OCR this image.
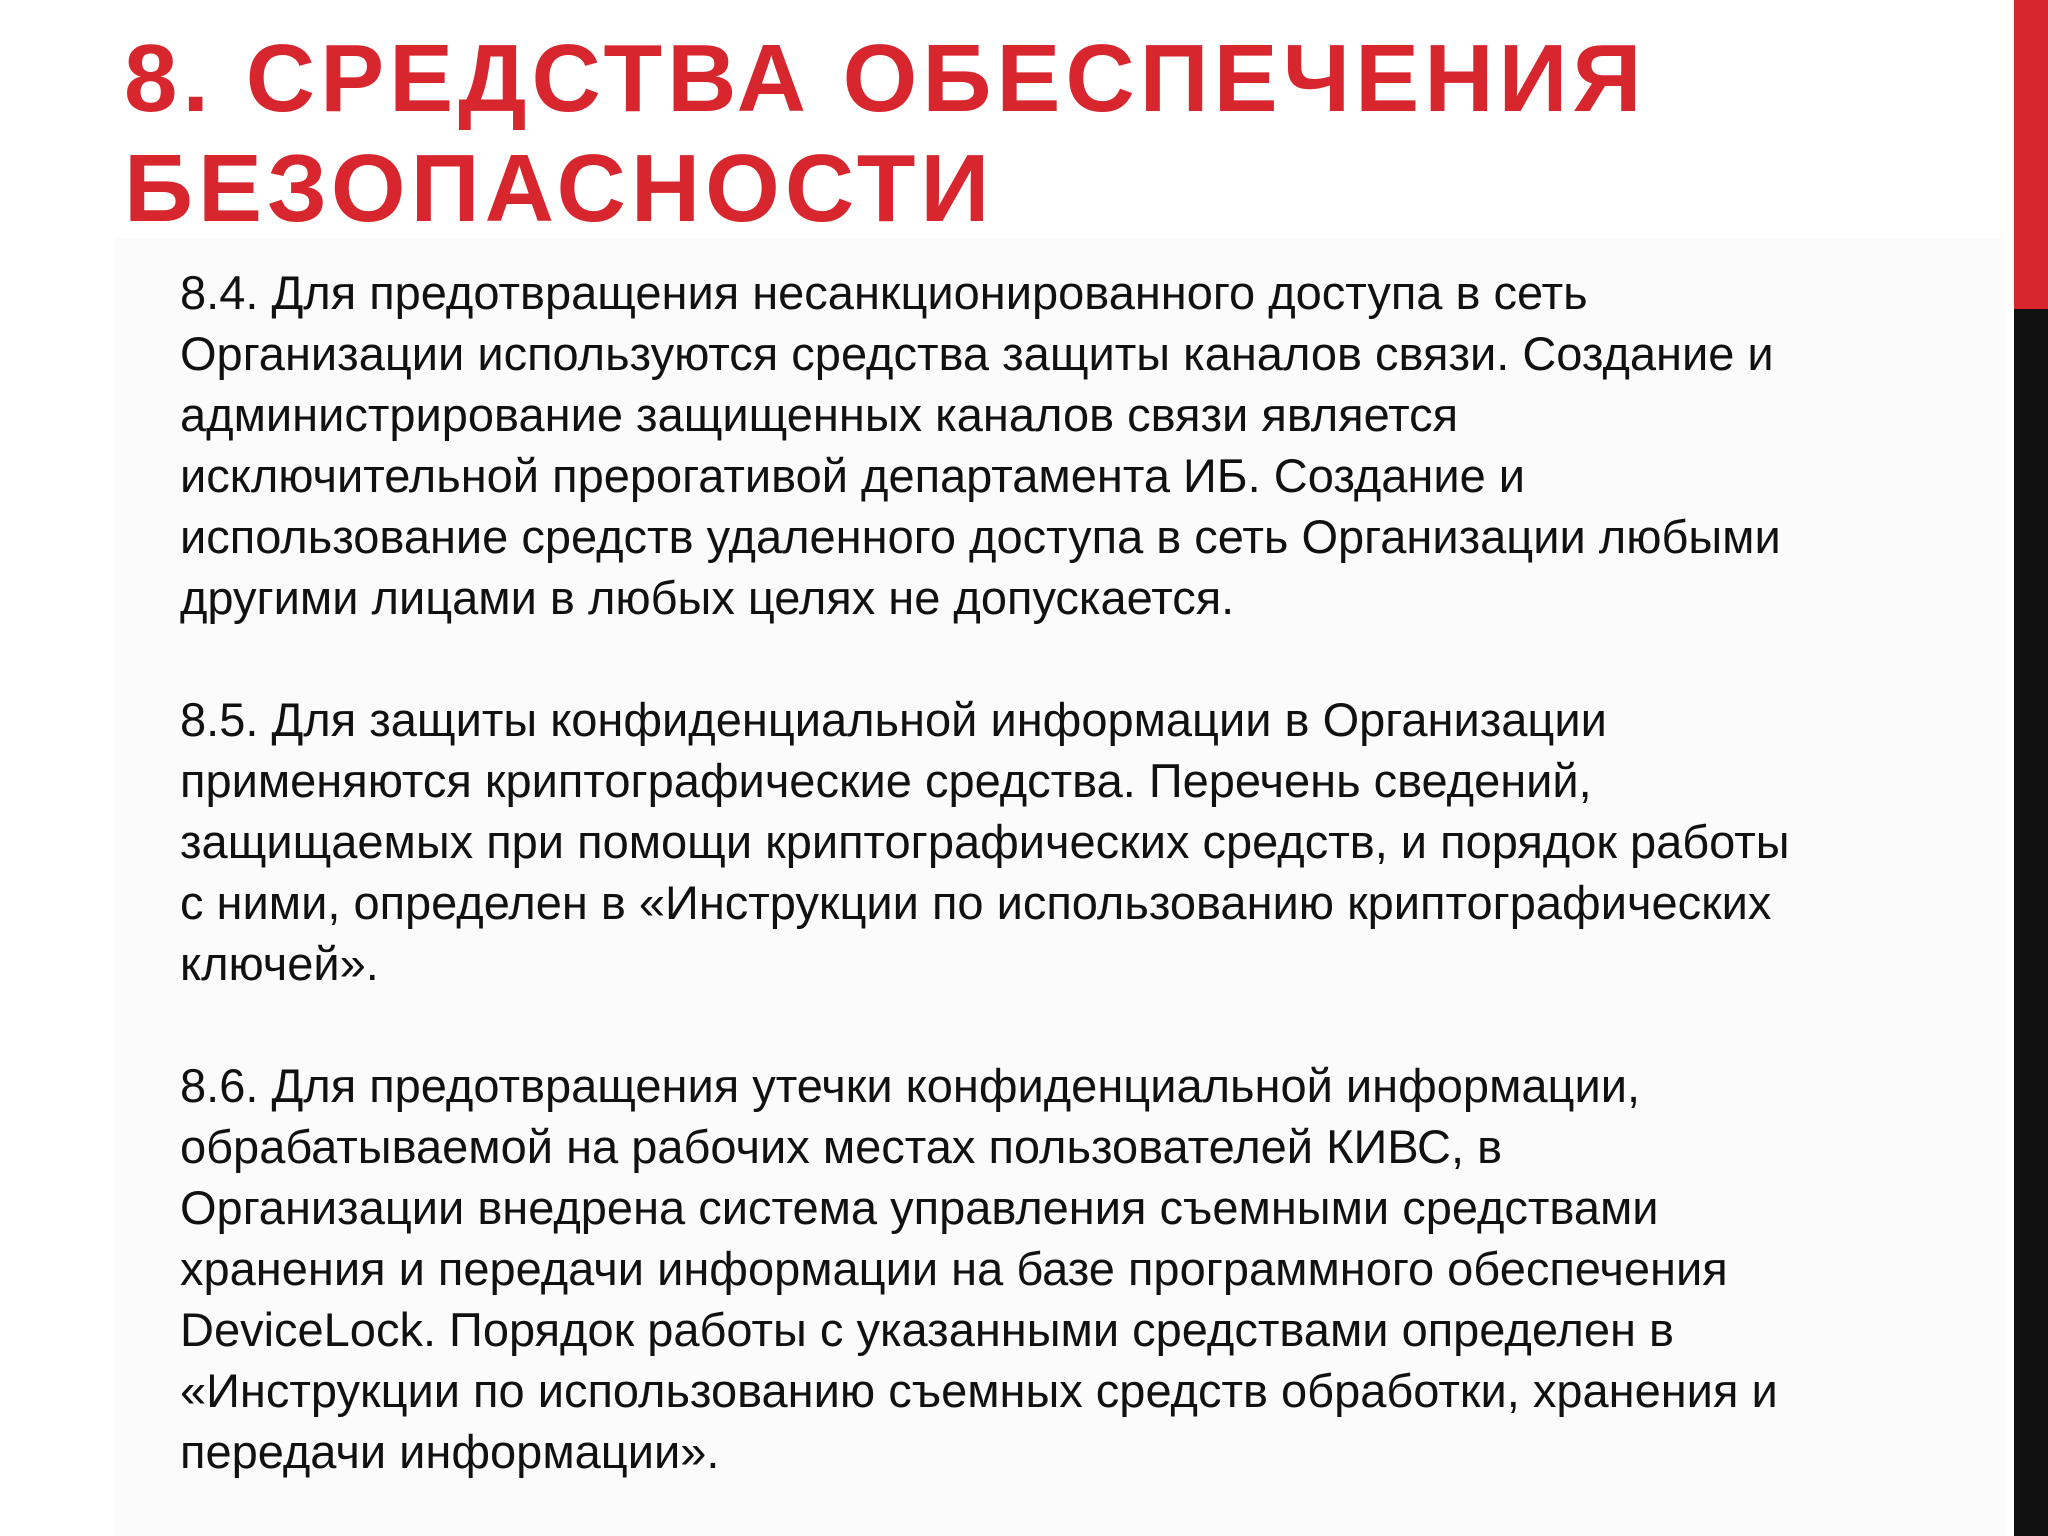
8. СРЕДСТВА ОБЕСПЕЧЕНИЯ
БЕЗОПАСНОСТИ

8.4. Для предотвращения несанкционированного доступа в сеть
Организации используются средства защиты каналов связи. Создание и
администрирование защищенных каналов связи является
исключительной прерогативой департамента ИБ. Создание и
использование средств удаленного доступа в сеть Организации любыми
другими лицами в любых целях не допускается.

8.5. Для защиты конфиденциальной информации в Организации
применяются криптографические средства. Перечень сведений,
защищаемых при помощи криптографических средств, и порядок работы
с ними, определен в «Инструкции по использованию криптографических
ключей».

8.6. Для предотвращения утечки конфиденциальной информации,
обрабатываемой на рабочих местах пользователей КИВС, в
Организации внедрена система управления съемными средствами
хранения и передачи информации на базе программного обеспечения
DeviceLock. Порядок работы с указанными средствами определен в
«Инструкции по использованию съемных средств обработки, хранения и
передачи информации».
